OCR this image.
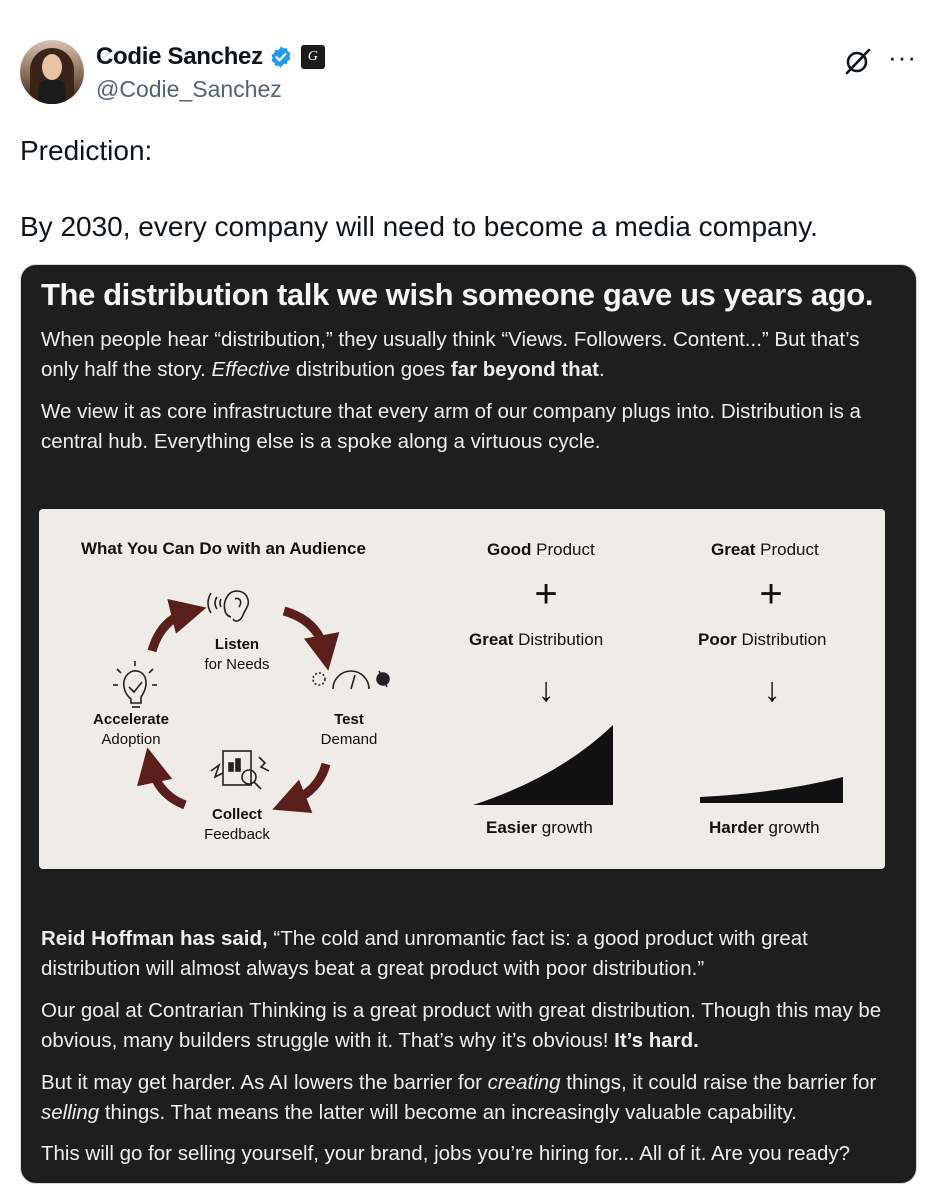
Codie Sanchez	G
@Codie_Sanchez
···

Prediction:

By 2030, every company will need to become a media company.

The distribution talk we wish someone gave us years ago.
When people hear “distribution,” they usually think “Views. Followers. Content...” But that’s only half the story. Effective distribution goes far beyond that.
We view it as core infrastructure that every arm of our company plugs into. Distribution is a central hub. Everything else is a spoke along a virtuous cycle.
What You Can Do with an Audience
Listen
for Needs
Test
Demand
Collect
Feedback
Accelerate
Adoption
Good Product
+
Great Distribution
↓
Easier growth
Great Product
+
Poor Distribution
↓
Harder growth
Reid Hoffman has said, “The cold and unromantic fact is: a good product with great distribution will almost always beat a great product with poor distribution.”
Our goal at Contrarian Thinking is a great product with great distribution. Though this may be obvious, many builders struggle with it. That’s why it’s obvious! It’s hard.
But it may get harder. As AI lowers the barrier for creating things, it could raise the barrier for selling things. That means the latter will become an increasingly valuable capability.
This will go for selling yourself, your brand, jobs you’re hiring for... All of it. Are you ready?
